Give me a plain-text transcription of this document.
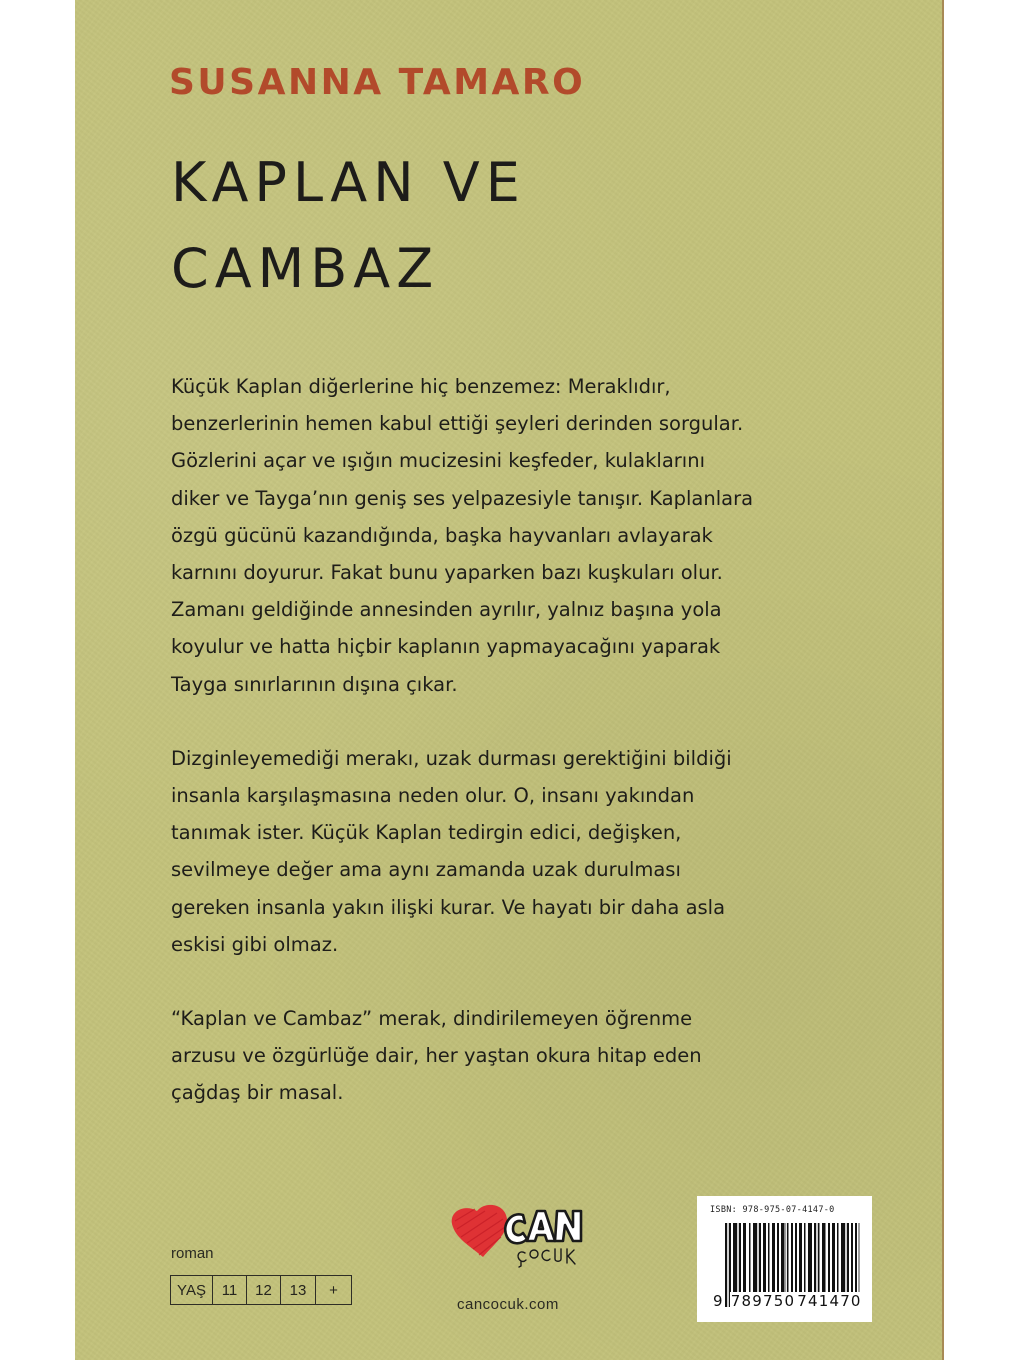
SUSANNA TAMARO
KAPLAN VE
CAMBAZ

Küçük Kaplan diğerlerine hiç benzemez: Meraklıdır,
benzerlerinin hemen kabul ettiği şeyleri derinden sorgular.
Gözlerini açar ve ışığın mucizesini keşfeder, kulaklarını
diker ve Tayga’nın geniş ses yelpazesiyle tanışır. Kaplanlara
özgü gücünü kazandığında, başka hayvanları avlayarak
karnını doyurur. Fakat bunu yaparken bazı kuşkuları olur.
Zamanı geldiğinde annesinden ayrılır, yalnız başına yola
koyulur ve hatta hiçbir kaplanın yapmayacağını yaparak
Tayga sınırlarının dışına çıkar.

Dizginleyemediği merakı, uzak durması gerektiğini bildiği
insanla karşılaşmasına neden olur. O, insanı yakından
tanımak ister. Küçük Kaplan tedirgin edici, değişken,
sevilmeye değer ama aynı zamanda uzak durulması
gereken insanla yakın ilişki kurar. Ve hayatı bir daha asla
eskisi gibi olmaz.

“Kaplan ve Cambaz” merak, dindirilemeyen öğrenme
arzusu ve özgürlüğe dair, her yaştan okura hitap eden
çağdaş bir masal.

roman
YAŞ	11	12	13	+
cancocuk.com
ISBN: 978-975-07-4147-0
9 789750 741470
